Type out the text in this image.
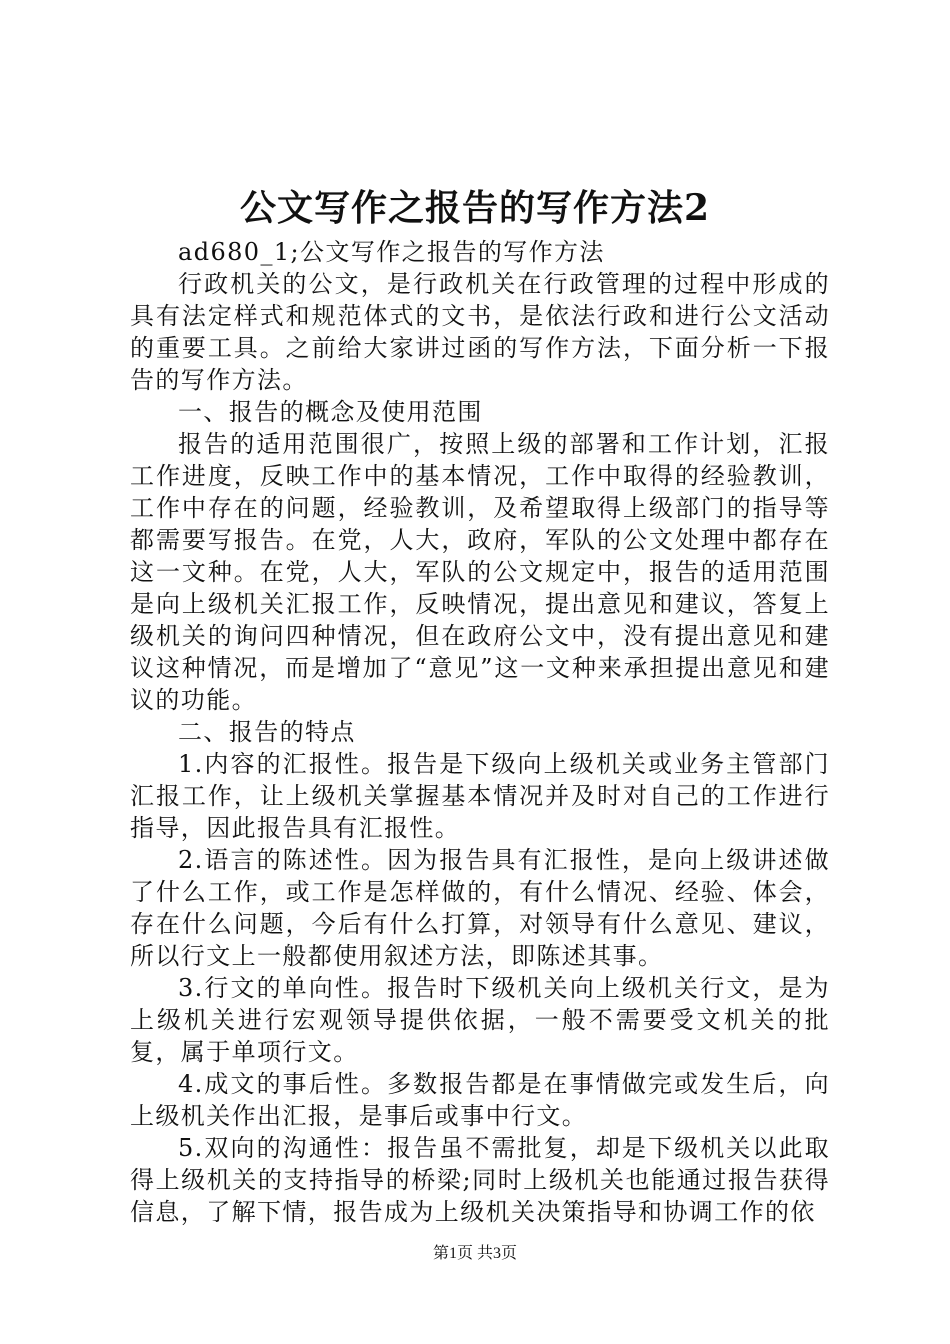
公文写作之报告的写作方法2

ad680_1;公文写作之报告的写作方法

行政机关的公文，是行政机关在行政管理的过程中形成的具有法定样式和规范体式的文书，是依法行政和进行公文活动的重要工具。之前给大家讲过函的写作方法，下面分析一下报告的写作方法。

一、报告的概念及使用范围

报告的适用范围很广，按照上级的部署和工作计划，汇报工作进度，反映工作中的基本情况，工作中取得的经验教训，工作中存在的问题，经验教训，及希望取得上级部门的指导等都需要写报告。在党，人大，政府，军队的公文处理中都存在这一文种。在党，人大，军队的公文规定中，报告的适用范围是向上级机关汇报工作，反映情况，提出意见和建议，答复上级机关的询问四种情况，但在政府公文中，没有提出意见和建议这种情况，而是增加了“意见”这一文种来承担提出意见和建议的功能。

二、报告的特点

1.内容的汇报性。报告是下级向上级机关或业务主管部门汇报工作，让上级机关掌握基本情况并及时对自己的工作进行指导，因此报告具有汇报性。

2.语言的陈述性。因为报告具有汇报性，是向上级讲述做了什么工作，或工作是怎样做的，有什么情况、经验、体会，存在什么问题，今后有什么打算，对领导有什么意见、建议，所以行文上一般都使用叙述方法，即陈述其事。

3.行文的单向性。报告时下级机关向上级机关行文，是为上级机关进行宏观领导提供依据，一般不需要受文机关的批复，属于单项行文。

4.成文的事后性。多数报告都是在事情做完或发生后，向上级机关作出汇报，是事后或事中行文。

5.双向的沟通性：报告虽不需批复，却是下级机关以此取得上级机关的支持指导的桥梁;同时上级机关也能通过报告获得信息，了解下情，报告成为上级机关决策指导和协调工作的依

第1页 共3页
